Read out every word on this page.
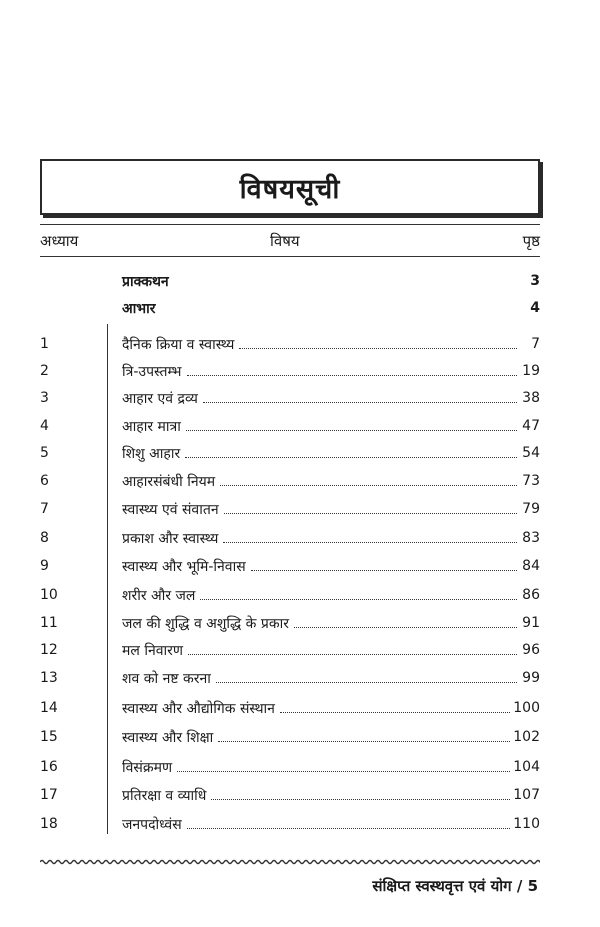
विषयसूची
अध्याय	विषय	पृष्ठ
प्राक्कथन	3
आभार	4
1	दैनिक क्रिया व स्वास्थ्य	7
2	त्रि-उपस्तम्भ	19
3	आहार एवं द्रव्य	38
4	आहार मात्रा	47
5	शिशु आहार	54
6	आहारसंबंधी नियम	73
7	स्वास्थ्य एवं संवातन	79
8	प्रकाश और स्वास्थ्य	83
9	स्वास्थ्य और भूमि-निवास	84
10	शरीर और जल	86
11	जल की शुद्धि व अशुद्धि के प्रकार	91
12	मल निवारण	96
13	शव को नष्ट करना	99
14	स्वास्थ्य और औद्योगिक संस्थान	100
15	स्वास्थ्य और शिक्षा	102
16	विसंक्रमण	104
17	प्रतिरक्षा व व्याधि	107
18	जनपदोध्वंस	110
संक्षिप्त स्वस्थवृत्त एवं योग / 5
